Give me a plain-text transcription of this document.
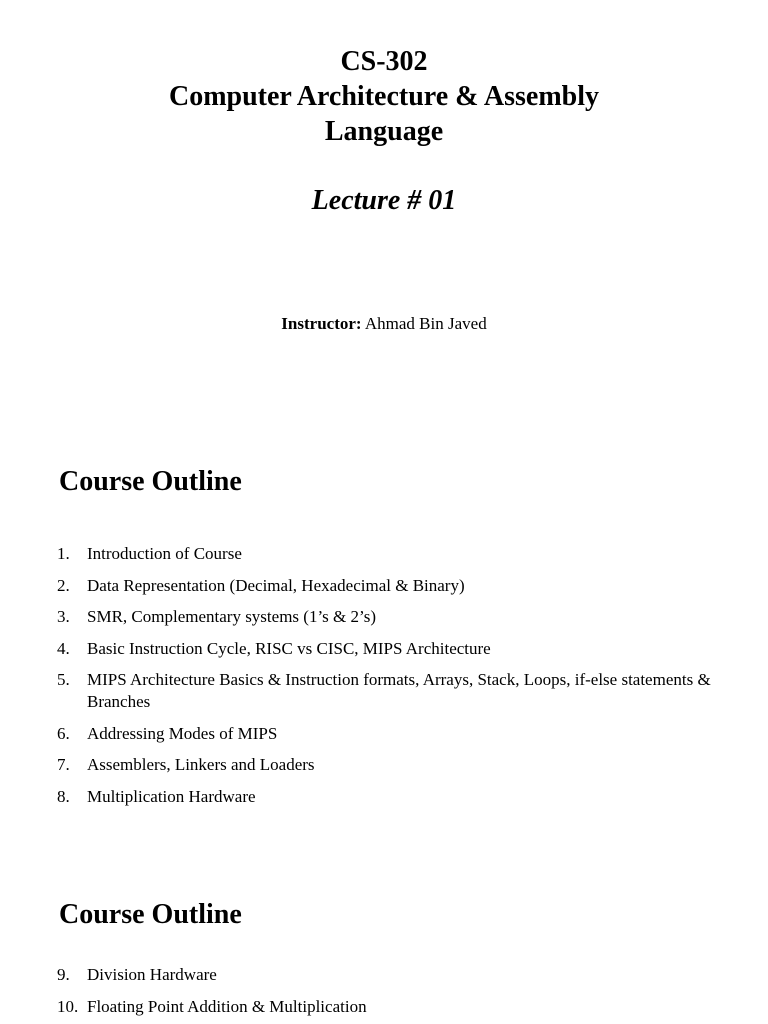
CS-302

Computer Architecture & Assembly

Language

Lecture # 01
Instructor: Ahmad Bin Javed
Course Outline
1. Introduction of Course
2. Data Representation (Decimal, Hexadecimal & Binary)
3. SMR, Complementary systems (1’s & 2’s)
4. Basic Instruction Cycle, RISC vs CISC, MIPS Architecture
5. MIPS Architecture Basics & Instruction formats, Arrays, Stack, Loops, if-else statements & Branches
6. Addressing Modes of MIPS
7. Assemblers, Linkers and Loaders
8. Multiplication Hardware
Course Outline
9. Division Hardware
10. Floating Point Addition & Multiplication
